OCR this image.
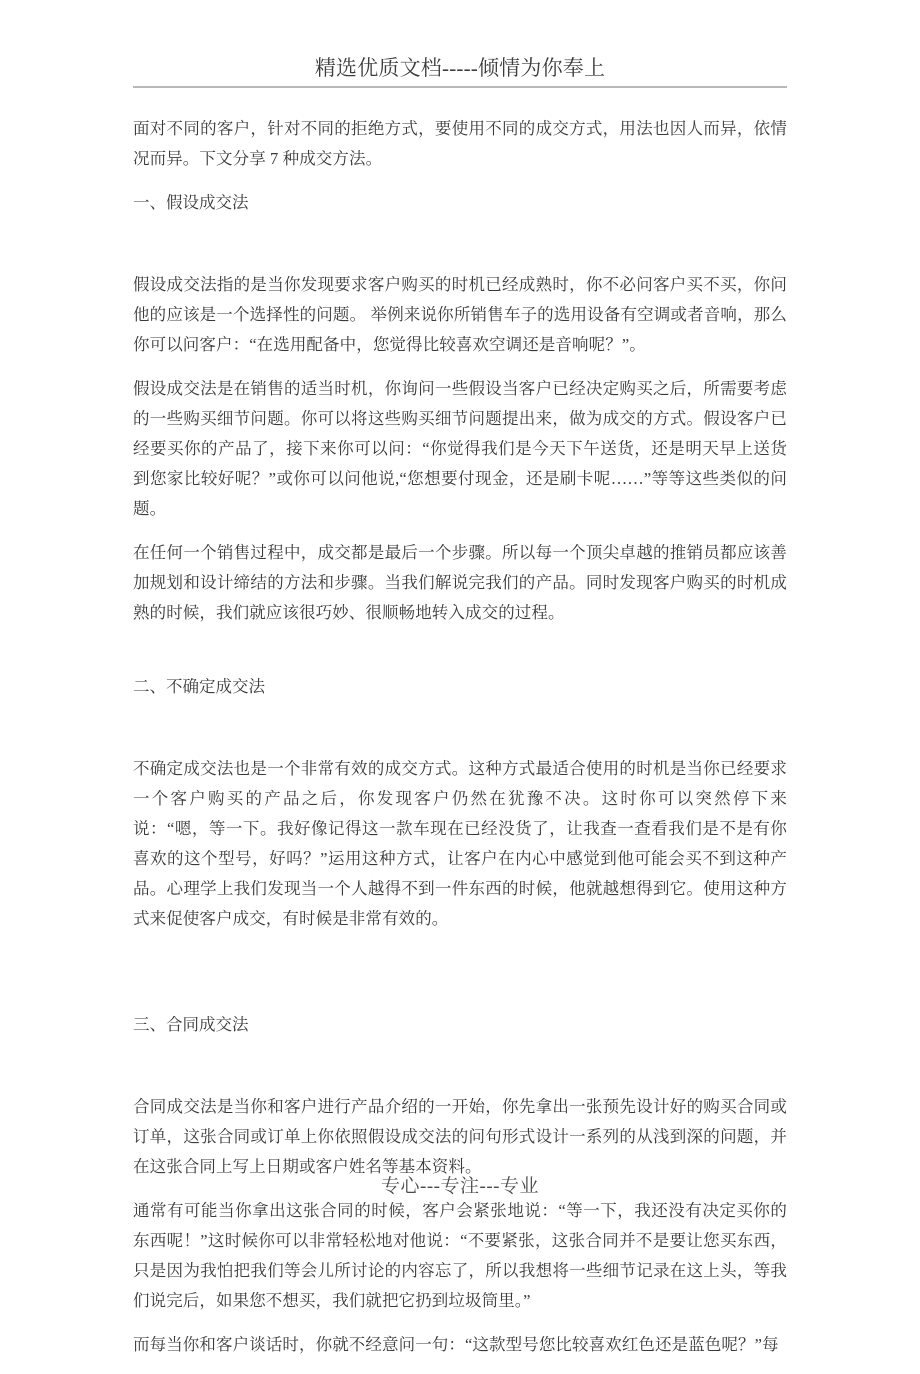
精选优质文档-----倾情为你奉上

面对不同的客户，针对不同的拒绝方式，要使用不同的成交方式，用法也因人而异，依情况而异。下文分享 7 种成交方法。

一、假设成交法

假设成交法指的是当你发现要求客户购买的时机已经成熟时，你不必问客户买不买，你问他的应该是一个选择性的问题。 举例来说你所销售车子的选用设备有空调或者音响，那么你可以问客户：“在选用配备中，您觉得比较喜欢空调还是音响呢？”。

假设成交法是在销售的适当时机，你询问一些假设当客户已经决定购买之后，所需要考虑的一些购买细节问题。你可以将这些购买细节问题提出来，做为成交的方式。假设客户已经要买你的产品了，接下来你可以问：“你觉得我们是今天下午送货，还是明天早上送货到您家比较好呢？”或你可以问他说,“您想要付现金，还是刷卡呢……”等等这些类似的问题。

在任何一个销售过程中，成交都是最后一个步骤。所以每一个顶尖卓越的推销员都应该善加规划和设计缔结的方法和步骤。当我们解说完我们的产品。同时发现客户购买的时机成熟的时候，我们就应该很巧妙、很顺畅地转入成交的过程。

二、不确定成交法

不确定成交法也是一个非常有效的成交方式。这种方式最适合使用的时机是当你已经要求一个客户购买的产品之后，你发现客户仍然在犹豫不决。这时你可以突然停下来说：“嗯，等一下。我好像记得这一款车现在已经没货了，让我查一查看我们是不是有你喜欢的这个型号，好吗？”运用这种方式，让客户在内心中感觉到他可能会买不到这种产品。心理学上我们发现当一个人越得不到一件东西的时候，他就越想得到它。使用这种方式来促使客户成交，有时候是非常有效的。

三、合同成交法

合同成交法是当你和客户进行产品介绍的一开始，你先拿出一张预先设计好的购买合同或订单，这张合同或订单上你依照假设成交法的问句形式设计一系列的从浅到深的问题，并在这张合同上写上日期或客户姓名等基本资料。

通常有可能当你拿出这张合同的时候，客户会紧张地说：“等一下，我还没有决定买你的东西呢！”这时候你可以非常轻松地对他说：“不要紧张，这张合同并不是要让您买东西，只是因为我怕把我们等会儿所讨论的内容忘了，所以我想将一些细节记录在这上头，等我们说完后，如果您不想买，我们就把它扔到垃圾筒里。”

而每当你和客户谈话时，你就不经意问一句：“这款型号您比较喜欢红色还是蓝色呢？”每

专心---专注---专业
